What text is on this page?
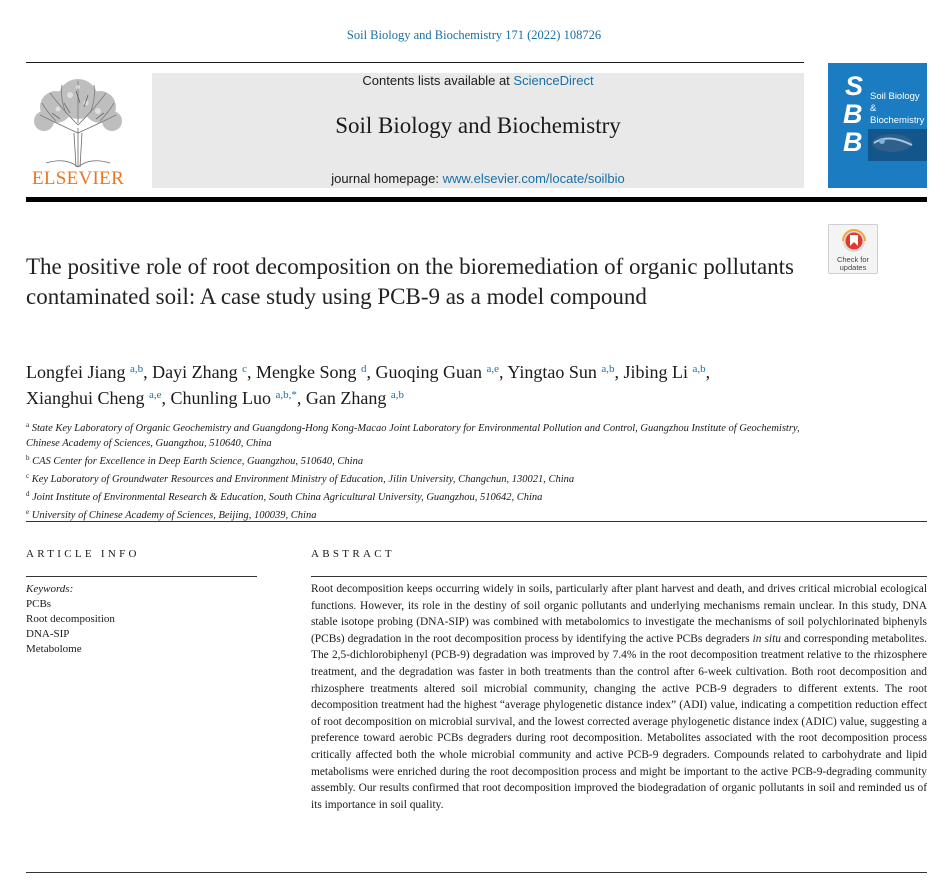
Soil Biology and Biochemistry 171 (2022) 108726
ELSEVIER
Contents lists available at ScienceDirect
Soil Biology and Biochemistry
journal homepage: www.elsevier.com/locate/soilbio
S
B
B
Soil Biology &
Biochemistry
Check for
updates
The positive role of root decomposition on the bioremediation of organic pollutants contaminated soil: A case study using PCB-9 as a model compound
Longfei Jiang $^{a,b}$, Dayi Zhang $^c$, Mengke Song $^d$, Guoqing Guan $^{a,e}$, Yingtao Sun $^{a,b}$, Jibing Li $^{a,b}$,
Xianghui Cheng $^{a,e}$, Chunling Luo $^{a,b,*}$, Gan Zhang $^{a,b}$
$^a$ State Key Laboratory of Organic Geochemistry and Guangdong-Hong Kong-Macao Joint Laboratory for Environmental Pollution and Control, Guangzhou Institute of Geochemistry, Chinese Academy of Sciences, Guangzhou, 510640, China
$^b$ CAS Center for Excellence in Deep Earth Science, Guangzhou, 510640, China
$^c$ Key Laboratory of Groundwater Resources and Environment Ministry of Education, Jilin University, Changchun, 130021, China
$^d$ Joint Institute of Environmental Research & Education, South China Agricultural University, Guangzhou, 510642, China
$^e$ University of Chinese Academy of Sciences, Beijing, 100039, China
ARTICLE INFO
Keywords:
PCBs
Root decomposition
DNA-SIP
Metabolome
ABSTRACT
Root decomposition keeps occurring widely in soils, particularly after plant harvest and death, and drives critical microbial ecological functions. However, its role in the destiny of soil organic pollutants and underlying mechanisms remain unclear. In this study, DNA stable isotope probing (DNA-SIP) was combined with metabolomics to investigate the mechanisms of soil polychlorinated biphenyls (PCBs) degradation in the root decomposition process by identifying the active PCBs degraders in situ and corresponding metabolites. The 2,5-dichlorobiphenyl (PCB-9) degradation was improved by 7.4% in the root decomposition treatment relative to the rhizosphere treatment, and the degradation was faster in both treatments than the control after 6-week cultivation. Both root decomposition and rhizosphere treatments altered soil microbial community, changing the active PCB-9 degraders to different extents. The root decomposition treatment had the highest “average phylogenetic distance index” (ADI) value, indicating a competition reduction effect of root decomposition on microbial survival, and the lowest corrected average phylogenetic distance index (ADIC) value, suggesting a preference toward aerobic PCBs degraders during root decomposition. Metabolites associated with the root decomposition process critically affected both the whole microbial community and active PCB-9 degraders. Compounds related to carbohydrate and lipid metabolisms were enriched during the root decomposition process and might be important to the active PCB-9-degrading community assembly. Our results confirmed that root decomposition improved the biodegradation of organic pollutants in soil and reminded us of its importance in soil quality.
